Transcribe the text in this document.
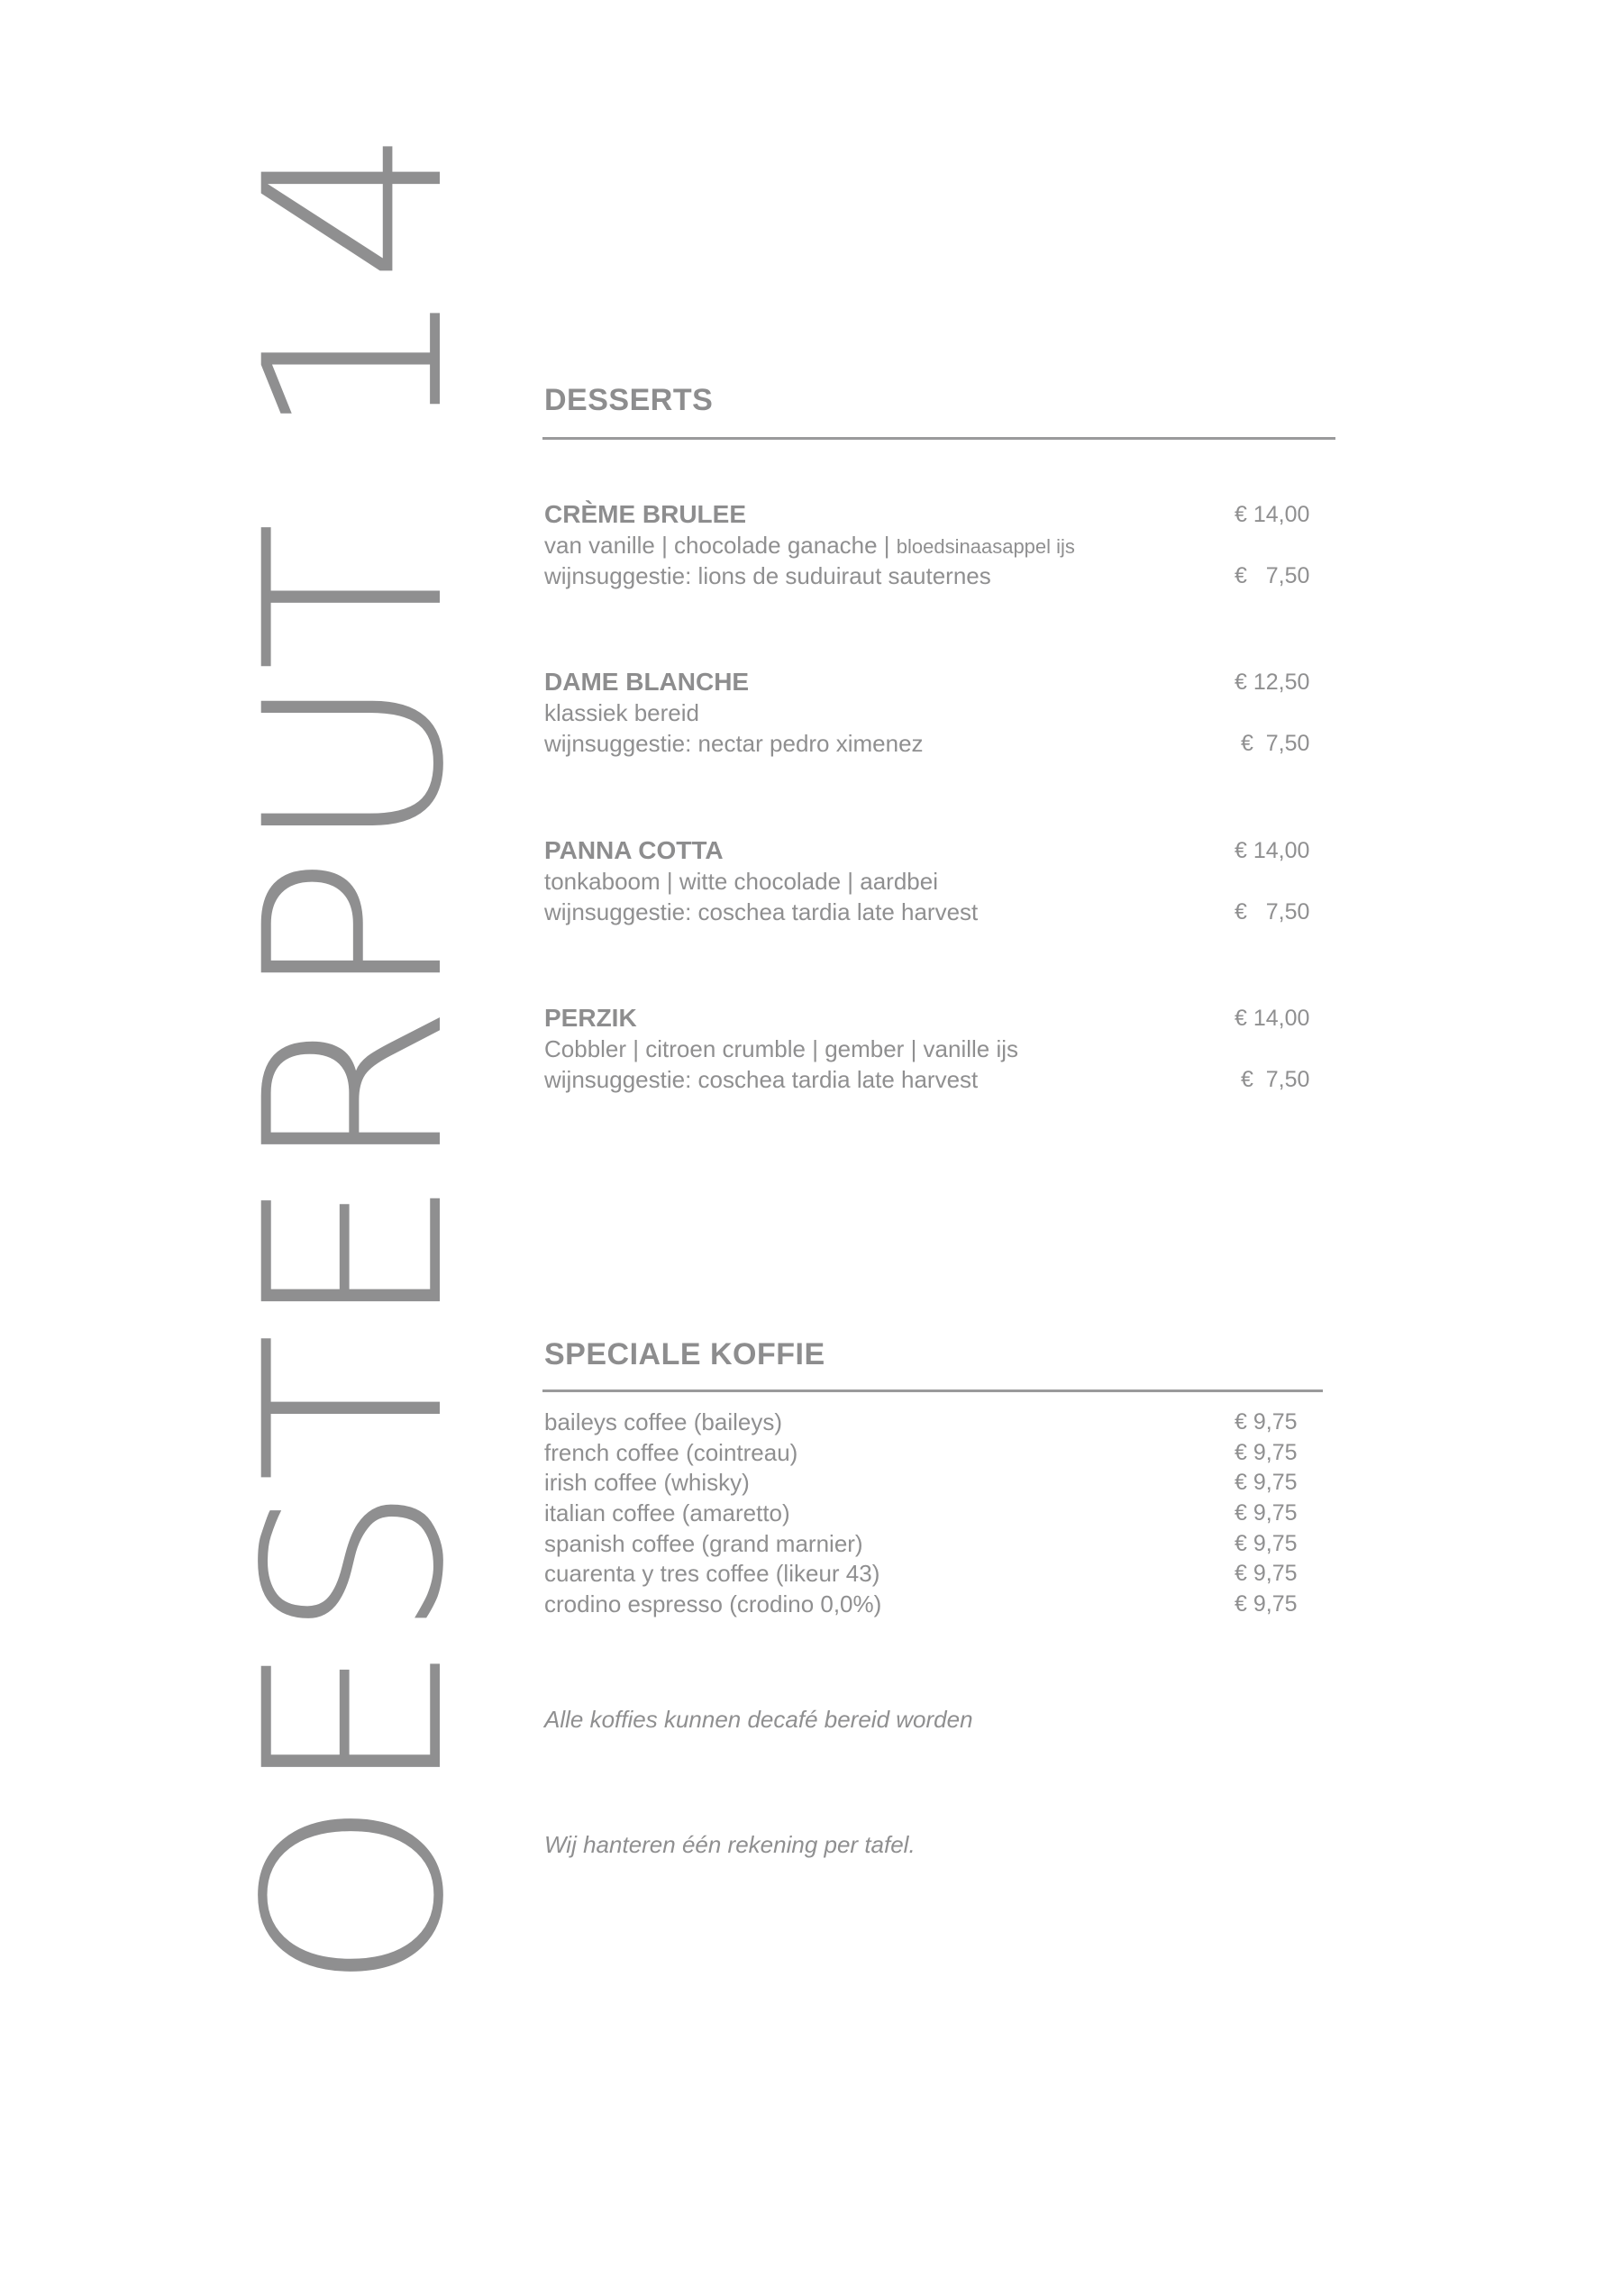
OESTERPUT 14 DESSERTS
CRÈME BRULEE	€ 14,00
van vanille | chocolade ganache | bloedsinaasappel ijs
wijnsuggestie: lions de suduiraut sauternes	€   7,50
DAME BLANCHE	€ 12,50
klassiek bereid
wijnsuggestie: nectar pedro ximenez	€  7,50
PANNA COTTA	€ 14,00
tonkaboom | witte chocolade | aardbei
wijnsuggestie: coschea tardia late harvest	€   7,50
PERZIK	€ 14,00
Cobbler | citroen crumble | gember | vanille ijs
wijnsuggestie: coschea tardia late harvest	€  7,50
SPECIALE KOFFIE
baileys coffee (baileys)	€ 9,75
french coffee (cointreau)	€ 9,75
irish coffee (whisky)	€ 9,75
italian coffee (amaretto)	€ 9,75
spanish coffee (grand marnier)	€ 9,75
cuarenta y tres coffee (likeur 43)	€ 9,75
crodino espresso (crodino 0,0%)	€ 9,75
Alle koffies kunnen decafé bereid worden
Wij hanteren één rekening per tafel.
